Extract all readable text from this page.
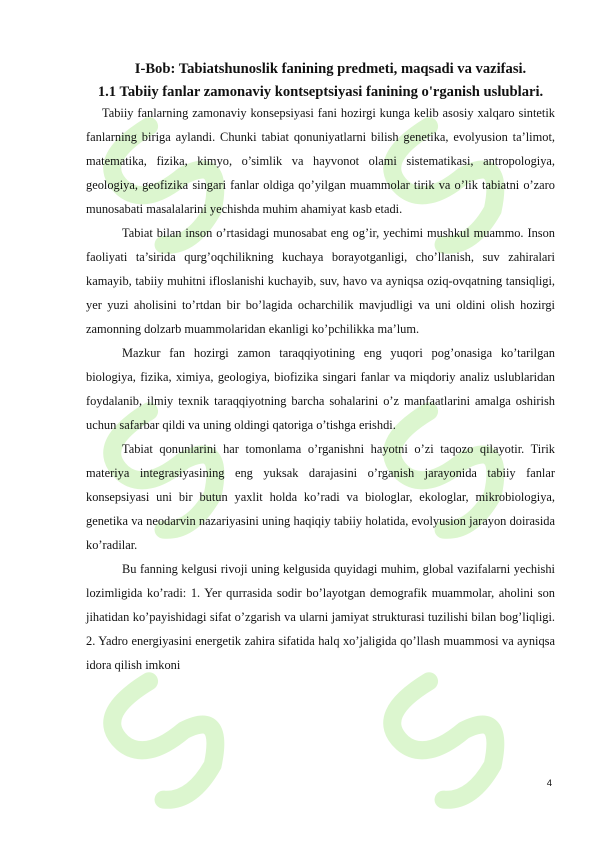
I-Bob: Tabiatshunoslik fanining predmeti, maqsadi va vazifasi.
1.1 Tabiiy fanlar zamonaviy kontseptsiyasi fanining o'rganish uslublari.

Tabiiy fanlarning zamonaviy konsepsiyasi fani hozirgi kunga kelib asosiy xalqaro sintetik fanlarning biriga aylandi. Chunki tabiat qonuniyatlarni bilish genetika, evolyusion ta’limot, matematika, fizika, kimyo, o’simlik va hayvonot olami sistematikasi, antropologiya, geologiya, geofizika singari fanlar oldiga qo’yilgan muammolar tirik va o’lik tabiatni o’zaro munosabati masalalarini yechishda muhim ahamiyat kasb etadi.

Tabiat bilan inson o’rtasidagi munosabat eng og’ir, yechimi mushkul muammo. Inson faoliyati ta’sirida qurg’oqchilikning kuchaya borayotganligi, cho’llanish, suv zahiralari kamayib, tabiiy muhitni ifloslanishi kuchayib, suv, havo va ayniqsa oziq-ovqatning tansiqligi, yer yuzi aholisini to’rtdan bir bo’lagida ocharchilik mavjudligi va uni oldini olish hozirgi zamonning dolzarb muammolaridan ekanligi ko’pchilikka ma’lum.

Mazkur fan hozirgi zamon taraqqiyotining eng yuqori pog’onasiga ko’tarilgan biologiya, fizika, ximiya, geologiya, biofizika singari fanlar va miqdoriy analiz uslublaridan foydalanib, ilmiy texnik taraqqiyotning barcha sohalarini o’z manfaatlarini amalga oshirish uchun safarbar qildi va uning oldingi qatoriga o’tishga erishdi.

Tabiat qonunlarini har tomonlama o’rganishni hayotni o’zi taqozo qilayotir. Tirik materiya integrasiyasining eng yuksak darajasini o’rganish jarayonida tabiiy fanlar konsepsiyasi uni bir butun yaxlit holda ko’radi va biologlar, ekologlar, mikrobiologiya, genetika va neodarvin nazariyasini uning haqiqiy tabiiy holatida, evolyusion jarayon doirasida ko’radilar.

Bu fanning kelgusi rivoji uning kelgusida quyidagi muhim, global vazifalarni yechishi lozimligida ko’radi: 1. Yer qurrasida sodir bo’layotgan demografik muammolar, aholini son jihatidan ko’payishidagi sifat o’zgarish va ularni jamiyat strukturasi tuzilishi bilan bog’liqligi. 2. Yadro energiyasini energetik zahira sifatida halq xo’jaligida qo’llash muammosi va ayniqsa idora qilish imkoni

4
